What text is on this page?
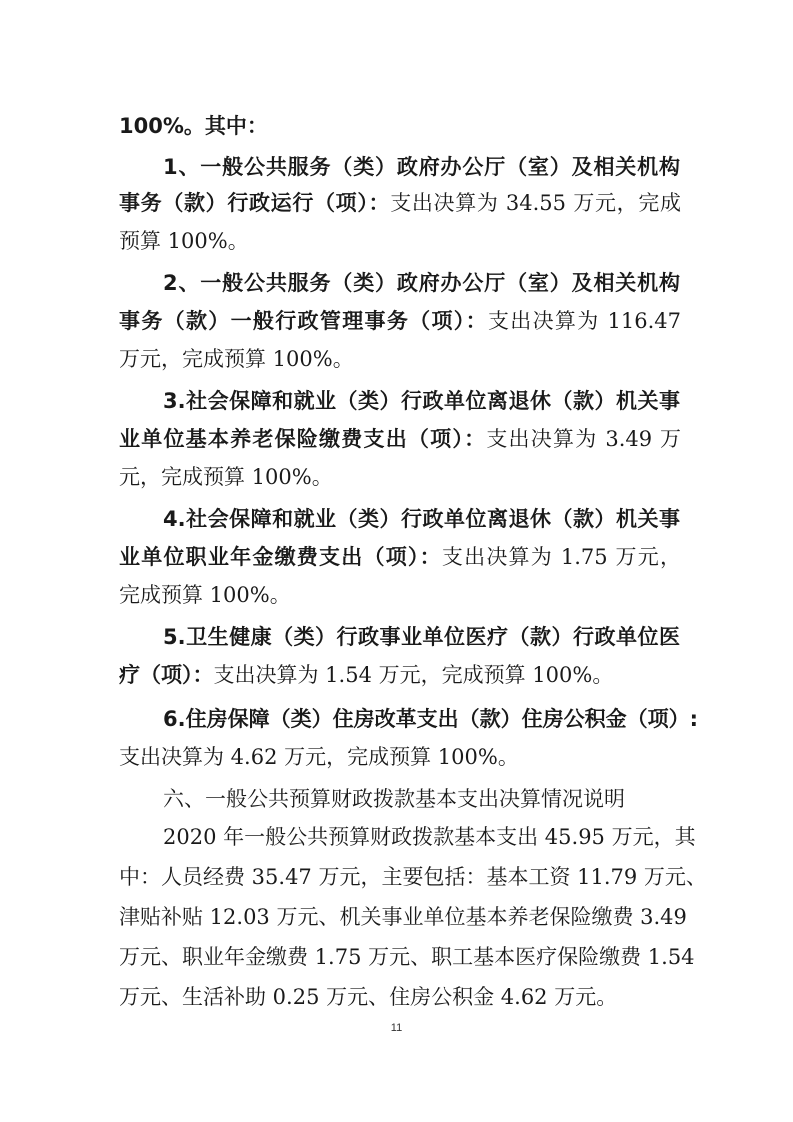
100%。其中：
1、一般公共服务（类）政府办公厅（室）及相关机构
事务（款）行政运行（项）：支出决算为 34.55 万元，完成
预算 100%。
2、一般公共服务（类）政府办公厅（室）及相关机构
事务（款）一般行政管理事务（项）：支出决算为 116.47
万元，完成预算 100%。
3.社会保障和就业（类）行政单位离退休（款）机关事
业单位基本养老保险缴费支出（项）：支出决算为 3.49 万
元，完成预算 100%。
4.社会保障和就业（类）行政单位离退休（款）机关事
业单位职业年金缴费支出（项）：支出决算为 1.75 万元，
完成预算 100%。
5.卫生健康（类）行政事业单位医疗（款）行政单位医
疗（项）：支出决算为 1.54 万元，完成预算 100%。
6.住房保障（类）住房改革支出（款）住房公积金（项）:
支出决算为 4.62 万元，完成预算 100%。
六、一般公共预算财政拨款基本支出决算情况说明
2020 年一般公共预算财政拨款基本支出 45.95 万元，其
中：人员经费 35.47 万元，主要包括：基本工资 11.79 万元、
津贴补贴 12.03 万元、机关事业单位基本养老保险缴费 3.49
万元、职业年金缴费 1.75 万元、职工基本医疗保险缴费 1.54
万元、生活补助 0.25 万元、住房公积金 4.62 万元。
11
